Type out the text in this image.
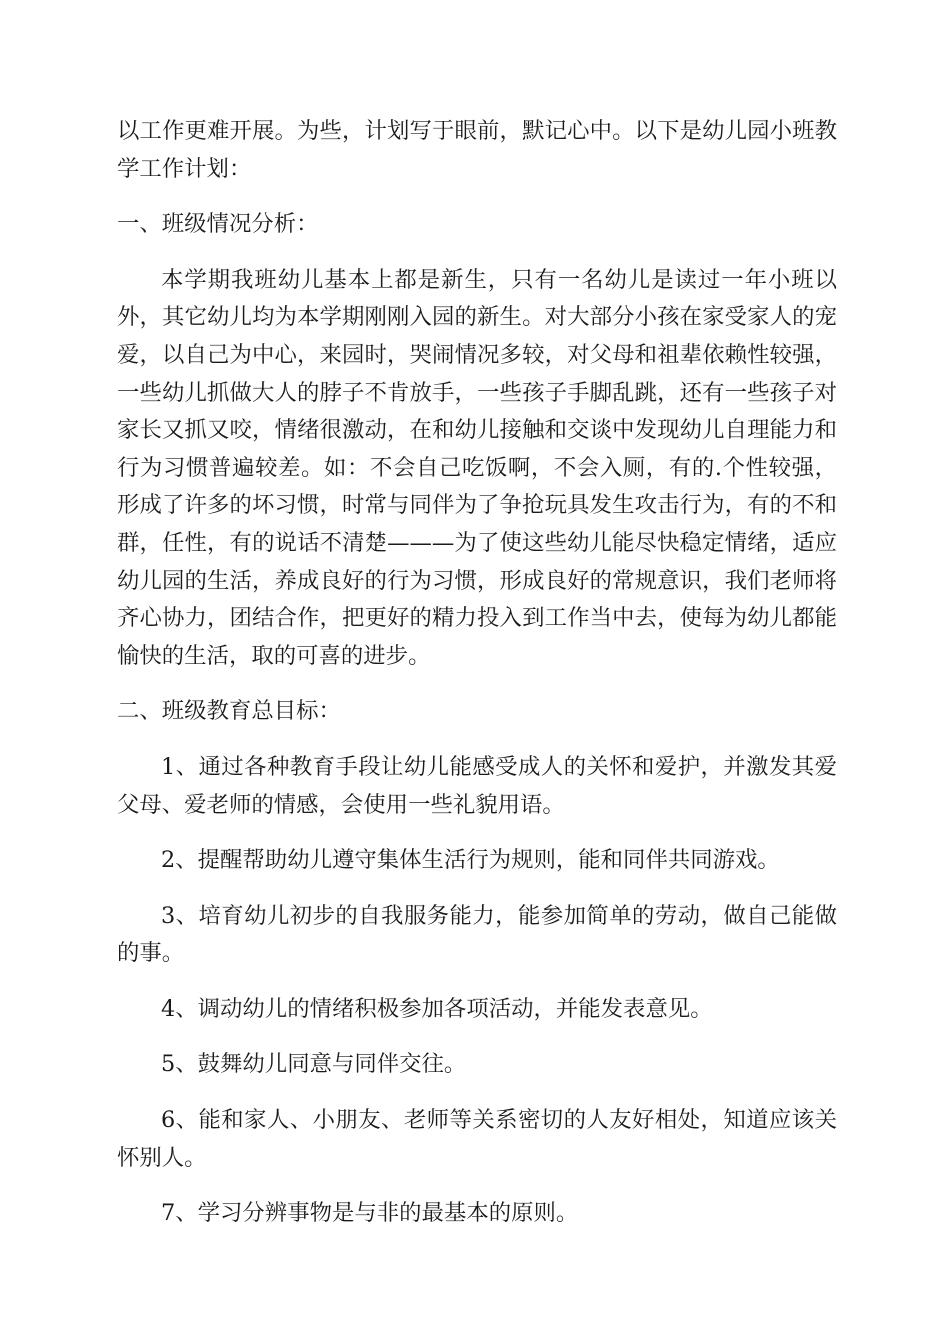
以工作更难开展。为些，计划写于眼前，默记心中。以下是幼儿园小班教学工作计划：

一、班级情况分析：

本学期我班幼儿基本上都是新生，只有一名幼儿是读过一年小班以外，其它幼儿均为本学期刚刚入园的新生。对大部分小孩在家受家人的宠爱，以自己为中心，来园时，哭闹情况多较，对父母和祖辈依赖性较强，一些幼儿抓做大人的脖子不肯放手，一些孩子手脚乱跳，还有一些孩子对家长又抓又咬，情绪很激动，在和幼儿接触和交谈中发现幼儿自理能力和行为习惯普遍较差。如：不会自己吃饭啊，不会入厕，有的.个性较强，形成了许多的坏习惯，时常与同伴为了争抢玩具发生攻击行为，有的不和群，任性，有的说话不清楚———为了使这些幼儿能尽快稳定情绪，适应幼儿园的生活，养成良好的行为习惯，形成良好的常规意识，我们老师将齐心协力，团结合作，把更好的精力投入到工作当中去，使每为幼儿都能愉快的生活，取的可喜的进步。

二、班级教育总目标：

1、通过各种教育手段让幼儿能感受成人的关怀和爱护，并激发其爱父母、爱老师的情感，会使用一些礼貌用语。

2、提醒帮助幼儿遵守集体生活行为规则，能和同伴共同游戏。

3、培育幼儿初步的自我服务能力，能参加简单的劳动，做自己能做的事。

4、调动幼儿的情绪积极参加各项活动，并能发表意见。

5、鼓舞幼儿同意与同伴交往。

6、能和家人、小朋友、老师等关系密切的人友好相处，知道应该关怀别人。

7、学习分辨事物是与非的最基本的原则。
